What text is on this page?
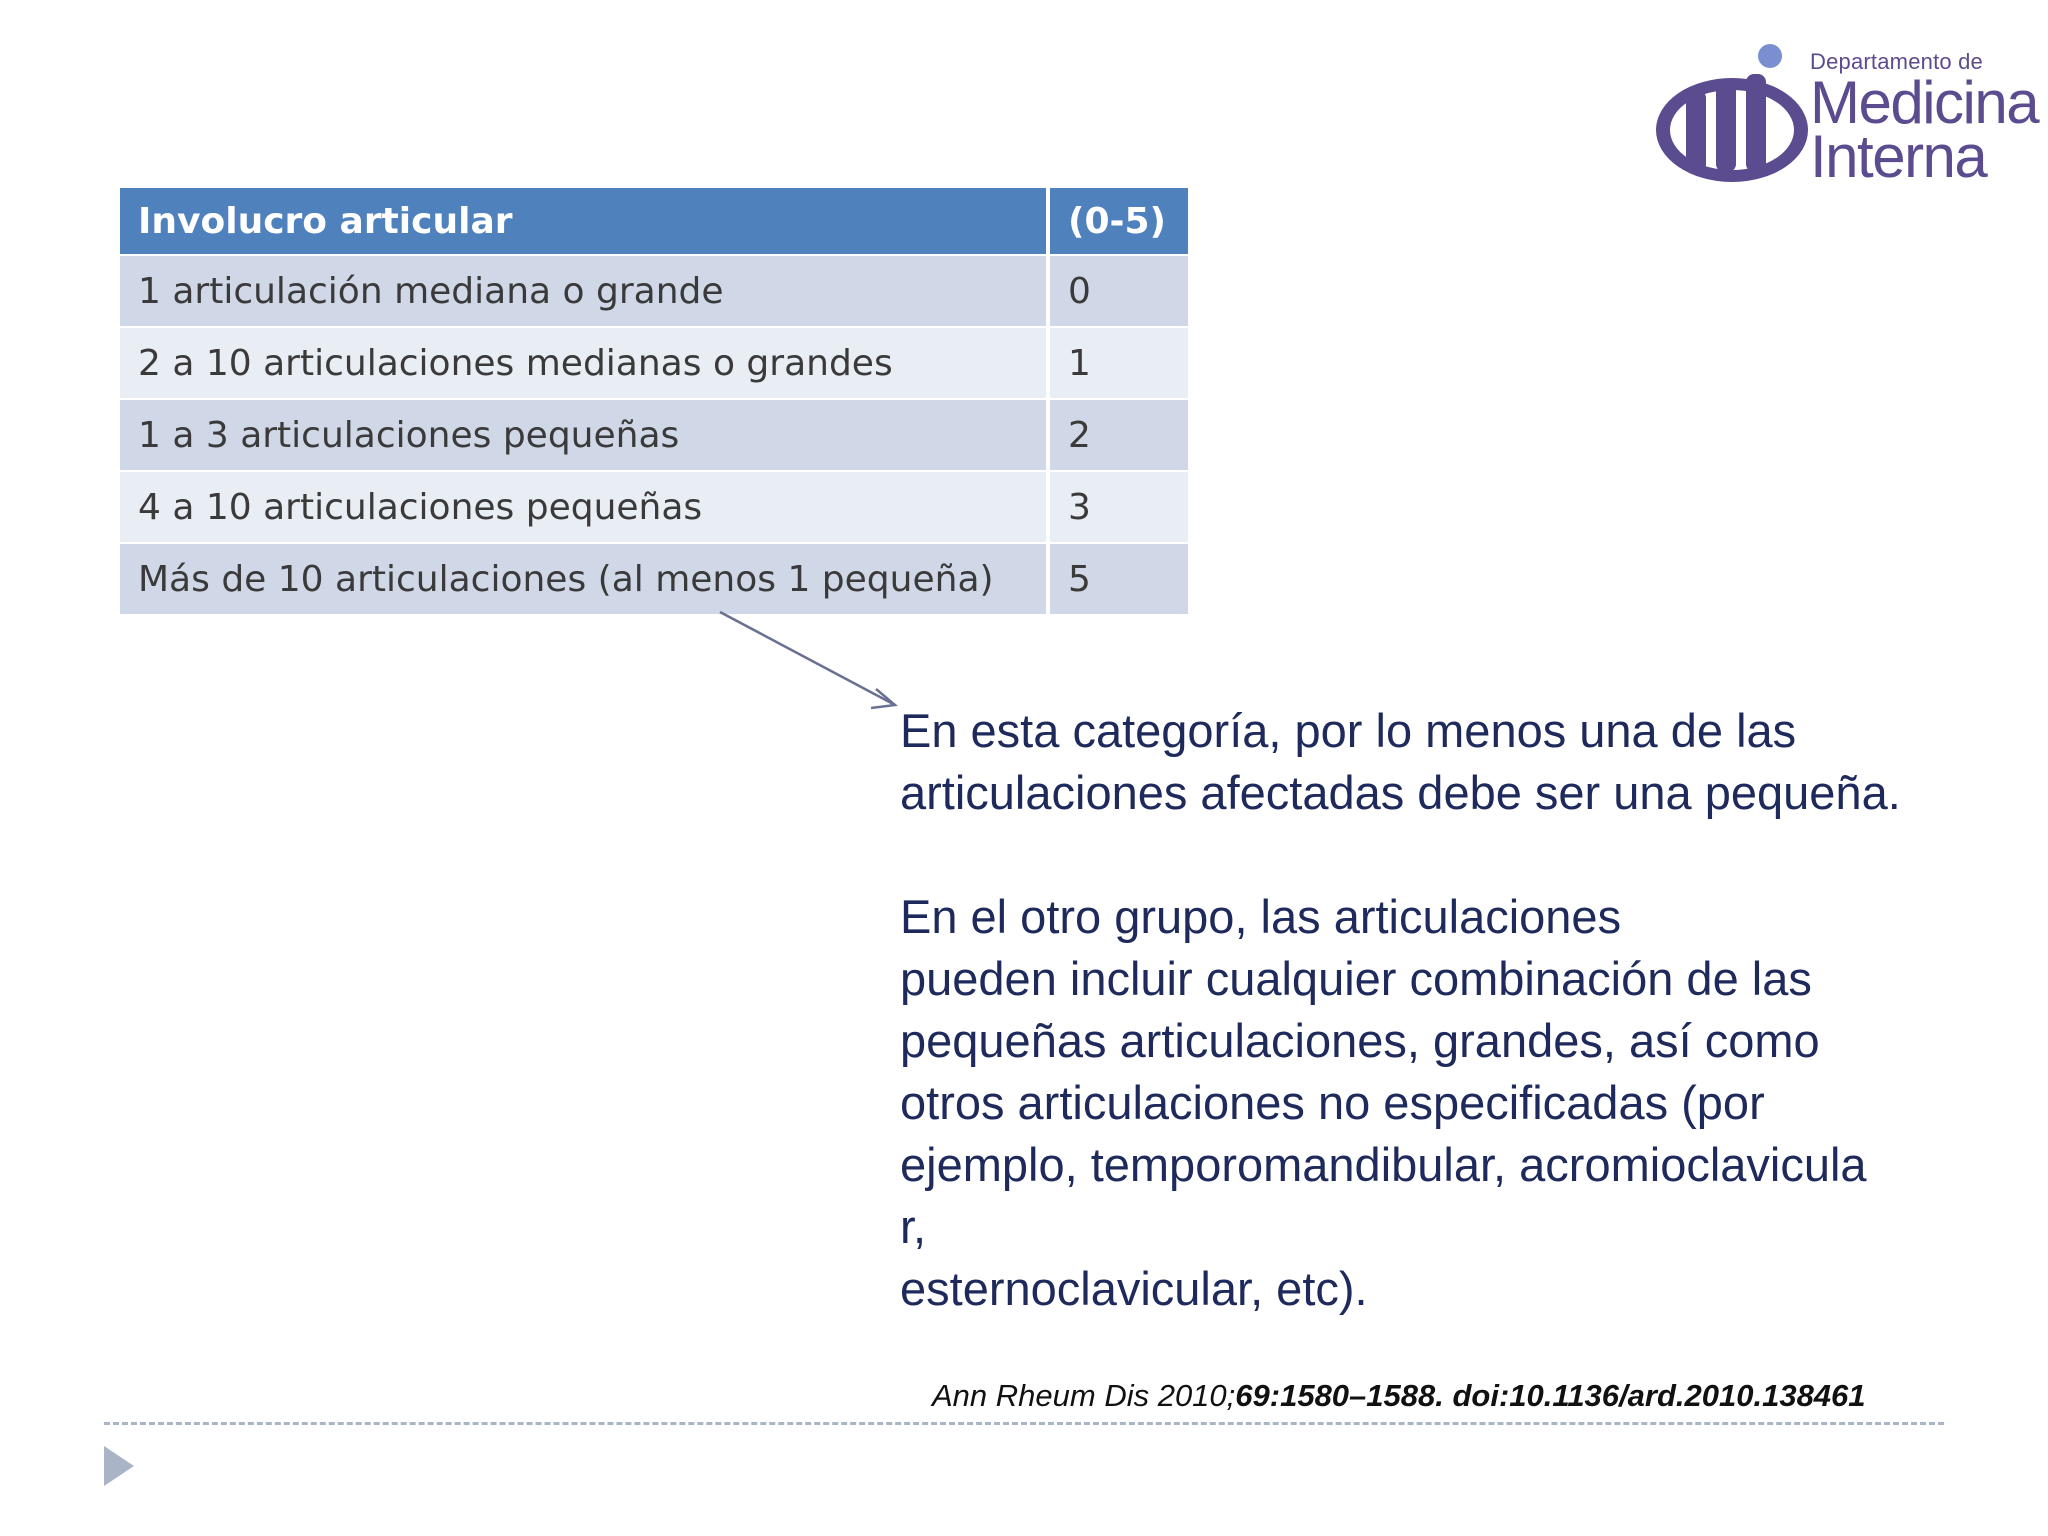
Departamento de
Medicina
Interna
Involucro articular	(0-5)
1 articulación mediana o grande	0
2 a 10 articulaciones medianas o grandes	1
1 a 3 articulaciones pequeñas	2
4 a 10 articulaciones pequeñas	3
Más de 10 articulaciones (al menos 1 pequeña)	5

En esta categoría, por lo menos una de las articulaciones afectadas debe ser una pequeña.

En el otro grupo, las articulaciones
pueden incluir cualquier combinación de las
pequeñas articulaciones, grandes, así como
otros articulaciones no especificadas (por
ejemplo, temporomandibular, acromioclavicula
r,
esternoclavicular, etc).

Ann Rheum Dis 2010;69:1580–1588. doi:10.1136/ard.2010.138461
